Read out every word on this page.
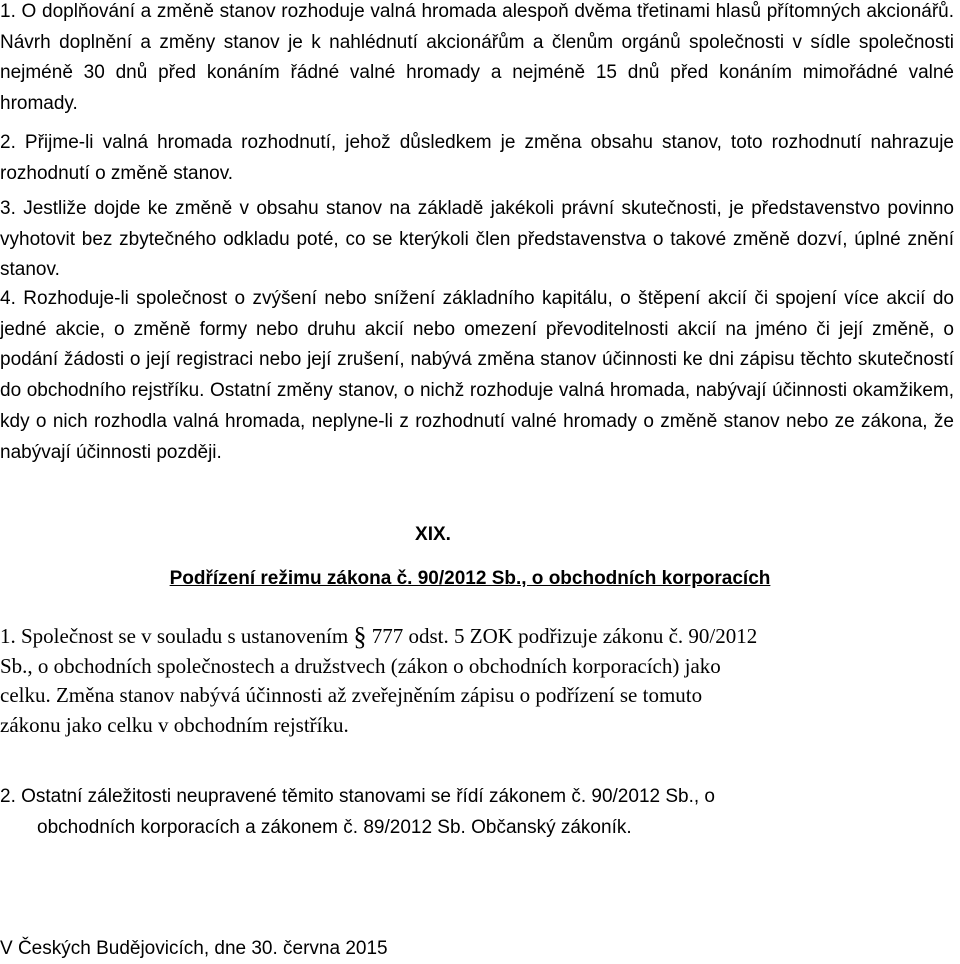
1. O doplňování a změně stanov rozhoduje valná hromada alespoň dvěma třetinami hlasů přítomných akcionářů. Návrh doplnění a změny stanov je k nahlédnutí akcionářům a členům orgánů společnosti v sídle společnosti nejméně 30 dnů před konáním řádné valné hromady a nejméně 15 dnů před konáním mimořádné valné hromady.

2. Přijme-li valná hromada rozhodnutí, jehož důsledkem je změna obsahu stanov, toto rozhodnutí nahrazuje rozhodnutí o změně stanov.

3. Jestliže dojde ke změně v obsahu stanov na základě jakékoli právní skutečnosti, je představenstvo povinno vyhotovit bez zbytečného odkladu poté, co se kterýkoli člen představenstva o takové změně dozví, úplné znění stanov.

4. Rozhoduje-li společnost o zvýšení nebo snížení základního kapitálu, o štěpení akcií či spojení více akcií do jedné akcie, o změně formy nebo druhu akcií nebo omezení převoditelnosti akcií na jméno či její změně, o podání žádosti o její registraci nebo její zrušení, nabývá změna stanov účinnosti ke dni zápisu těchto skutečností do obchodního rejstříku. Ostatní změny stanov, o nichž rozhoduje valná hromada, nabývají účinnosti okamžikem, kdy o nich rozhodla valná hromada, neplyne-li z rozhodnutí valné hromady o změně stanov nebo ze zákona, že nabývají účinnosti později.

XIX.

Podřízení režimu zákona č. 90/2012 Sb., o obchodních korporacích

1. Společnost se v souladu s ustanovením § 777 odst. 5 ZOK podřizuje zákonu č. 90/2012
Sb., o obchodních společnostech a družstvech (zákon o obchodních korporacích) jako
celku. Změna stanov nabývá účinnosti až zveřejněním zápisu o podřízení se tomuto
zákonu jako celku v obchodním rejstříku.
2. Ostatní záležitosti neupravené těmito stanovami se řídí zákonem č. 90/2012 Sb., o
obchodních korporacích a zákonem č. 89/2012 Sb. Občanský zákoník.

V Českých Budějovicích, dne 30. června 2015
